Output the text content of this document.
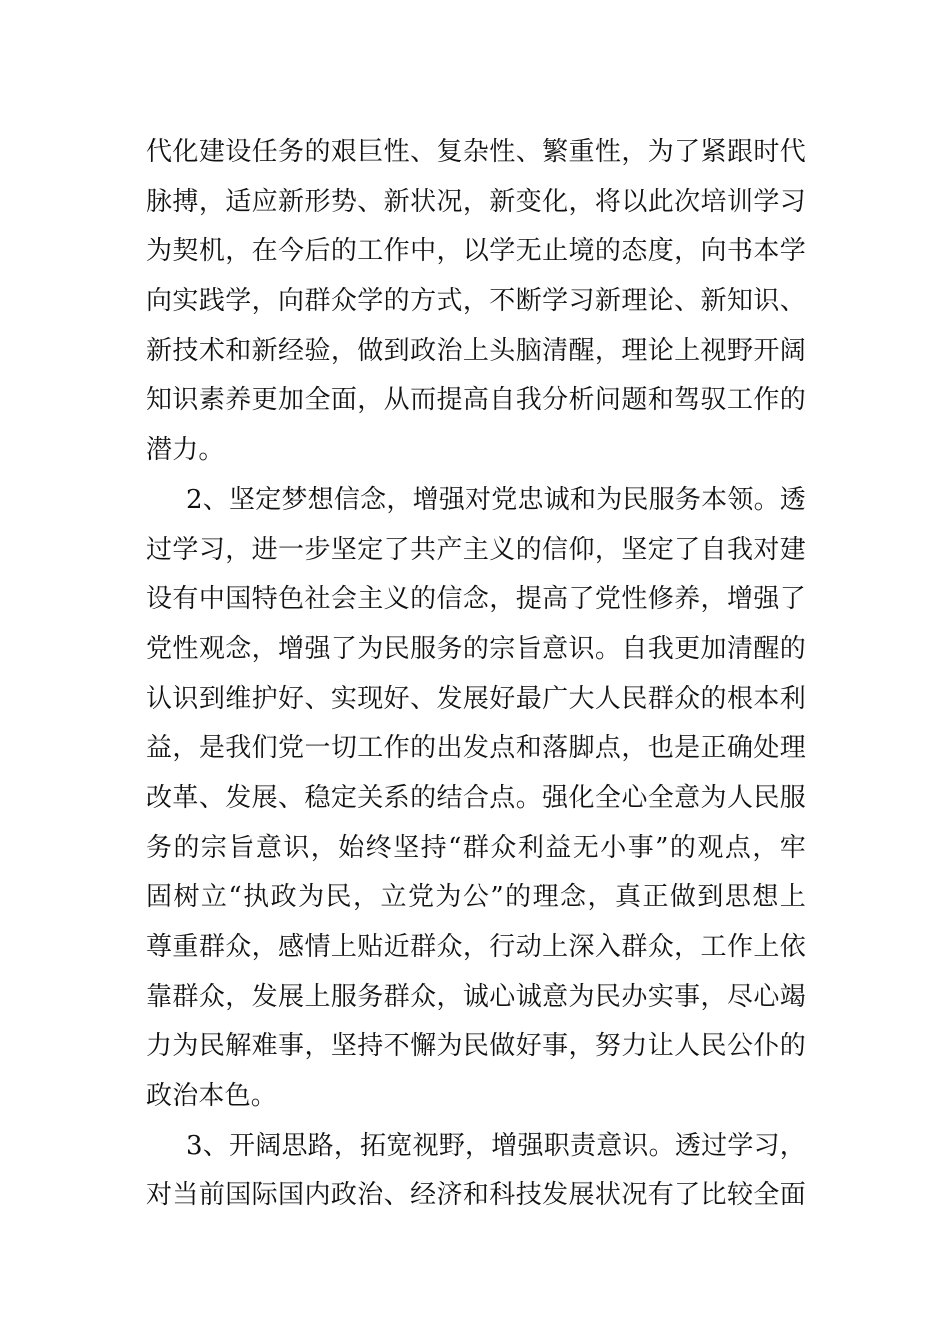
代化建设任务的艰巨性、复杂性、繁重性，为了紧跟时代
脉搏，适应新形势、新状况，新变化，将以此次培训学习
为契机，在今后的工作中，以学无止境的态度，向书本学
向实践学，向群众学的方式，不断学习新理论、新知识、
新技术和新经验，做到政治上头脑清醒，理论上视野开阔
知识素养更加全面，从而提高自我分析问题和驾驭工作的
潜力。
2、坚定梦想信念，增强对党忠诚和为民服务本领。透
过学习，进一步坚定了共产主义的信仰，坚定了自我对建
设有中国特色社会主义的信念，提高了党性修养，增强了
党性观念，增强了为民服务的宗旨意识。自我更加清醒的
认识到维护好、实现好、发展好最广大人民群众的根本利
益，是我们党一切工作的出发点和落脚点，也是正确处理
改革、发展、稳定关系的结合点。强化全心全意为人民服
务的宗旨意识，始终坚持“群众利益无小事”的观点，牢
固树立“执政为民，立党为公”的理念，真正做到思想上
尊重群众，感情上贴近群众，行动上深入群众，工作上依
靠群众，发展上服务群众，诚心诚意为民办实事，尽心竭
力为民解难事，坚持不懈为民做好事，努力让人民公仆的
政治本色。
3、开阔思路，拓宽视野，增强职责意识。透过学习，
对当前国际国内政治、经济和科技发展状况有了比较全面
